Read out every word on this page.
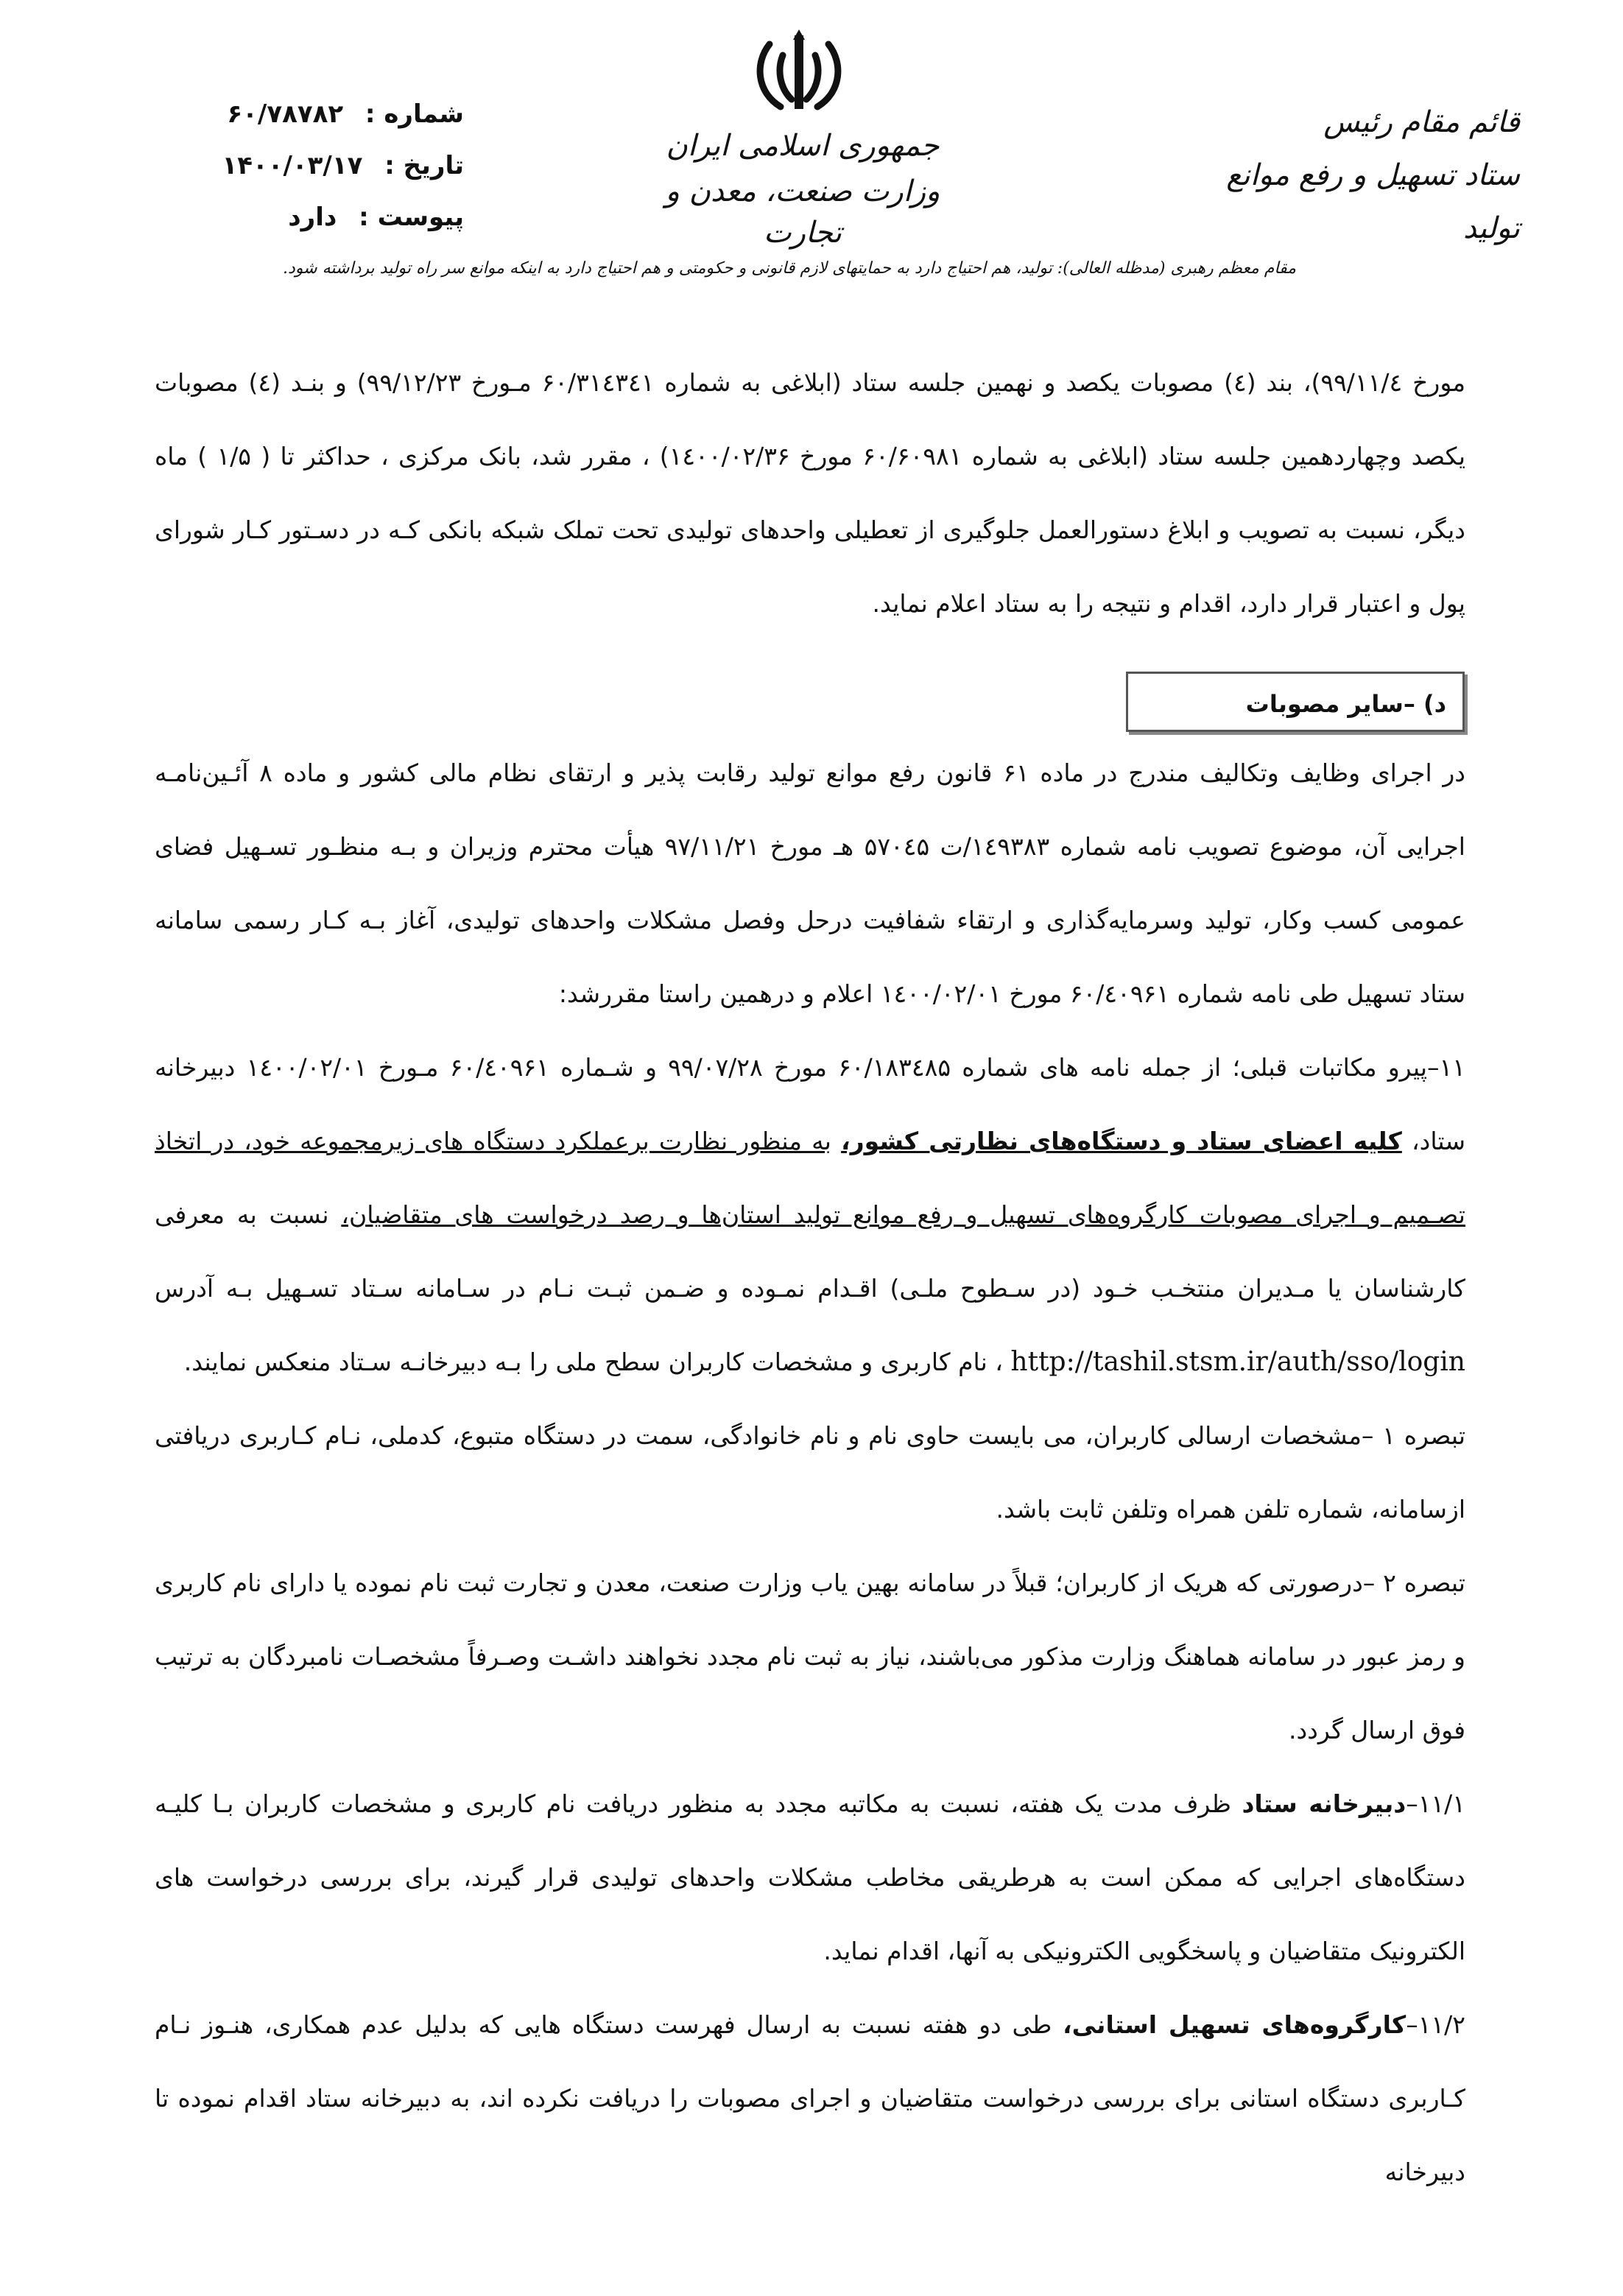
جمهوری اسلامی ایران
وزارت صنعت، معدن و تجارت
شماره : ۶۰/۷۸۷۸۲
تاریخ : ۱۴۰۰/۰۳/۱۷
پیوست : دارد
قائم مقام رئیس
ستاد تسهیل و رفع موانع تولید
مقام معظم رهبری (مدظله العالی): تولید، هم احتیاج دارد به حمایتهای لازم قانونی و حکومتی و هم احتیاج دارد به اینکه موانع سر راه تولید برداشته شود.
د) –سایر مصوبات

مورخ ۹۹/۱۱/٤)، بند (٤) مصوبات یکصد و نهمین جلسه ستاد (ابلاغی به شماره ۶۰/۳۱٤۳٤۱ مـورخ ۹۹/۱۲/۲۳) و بنـد (٤) مصوبات یکصد وچهاردهمین جلسه ستاد (ابلاغی به شماره ۶۰/۶۰۹۸۱ مورخ ۱٤۰۰/۰۲/۳۶) ، مقرر شد، بانک مرکزی ، حداکثر تا ( ۱/۵ ) ماه دیگر، نسبت به تصویب و ابلاغ دستورالعمل جلوگیری از تعطیلی واحدهای تولیدی تحت تملک شبکه بانکی کـه در دسـتور کـار شورای پول و اعتبار قرار دارد، اقدام و نتیجه را به ستاد اعلام نماید.

در اجرای وظایف وتکالیف مندرج در ماده ۶۱ قانون رفع موانع تولید رقابت پذیر و ارتقای نظام مالی کشور و ماده ۸ آئـین‌نامـه اجرایی آن، موضوع تصویب نامه شماره ۱٤۹۳۸۳/ت ۵۷۰٤۵ هـ مورخ ۹۷/۱۱/۲۱ هیأت محترم وزیران و بـه منظـور تسـهیل فضای عمومی کسب وکار، تولید وسرمایه‌گذاری و ارتقاء شفافیت درحل وفصل مشکلات واحدهای تولیدی، آغاز بـه کـار رسمی سامانه ستاد تسهیل طی نامه شماره ۶۰/٤۰۹۶۱ مورخ ۱٤۰۰/۰۲/۰۱ اعلام و درهمین راستا مقررشد:

۱۱–پیرو مکاتبات قبلی؛ از جمله نامه های شماره ۶۰/۱۸۳٤۸۵ مورخ ۹۹/۰۷/۲۸ و شـماره ۶۰/٤۰۹۶۱ مـورخ ۱٤۰۰/۰۲/۰۱ دبیرخانه ستاد، کلیه اعضای ستاد و دستگاه‌های نظارتی کشور، به منظور نظارت برعملکرد دستگاه های زیرمجموعه خود، در اتخاذ تصـمیم و اجرای مصوبات کارگروه‌های تسهیل و رفع موانع تولید استان‌ها و رصد درخواست های متقاضیان، نسبت به معرفی کارشناسان یا مـدیران منتخـب خـود (در سـطوح ملـی) اقـدام نمـوده و ضـمن ثبـت نـام در سـامانه سـتاد تسـهیل بـه آدرس http://tashil.stsm.ir/auth/sso/login ، نام کاربری و مشخصات کاربران سطح ملی را بـه دبیرخانـه سـتاد منعکس نمایند.

تبصره ۱ –مشخصات ارسالی کاربران، می بایست حاوی نام و نام خانوادگی، سمت در دستگاه متبوع، کدملی، نـام کـاربری دریافتی ازسامانه، شماره تلفن همراه وتلفن ثابت باشد.

تبصره ۲ –درصورتی که هریک از کاربران؛ قبلاً در سامانه بهین یاب وزارت صنعت، معدن و تجارت ثبت نام نموده یا دارای نام کاربری و رمز عبور در سامانه هماهنگ وزارت مذکور می‌باشند، نیاز به ثبت نام مجدد نخواهند داشـت وصـرفاً مشخصـات نامبردگان به ترتیب فوق ارسال گردد.

۱۱/۱–دبیرخانه ستاد ظرف مدت یک هفته، نسبت به مکاتبه مجدد به منظور دریافت نام کاربری و مشخصات کاربران بـا کلیـه دستگاه‌های اجرایی که ممکن است به هرطریقی مخاطب مشکلات واحدهای تولیدی قرار گیرند، برای بررسی درخواست های الکترونیک متقاضیان و پاسخگویی الکترونیکی به آنها، اقدام نماید.

۱۱/۲–کارگروه‌های تسهیل استانی، طی دو هفته نسبت به ارسال فهرست دستگاه هایی که بدلیل عدم همکاری، هنـوز نـام کـاربری دستگاه استانی برای بررسی درخواست متقاضیان و اجرای مصوبات را دریافت نکرده اند، به دبیرخانه ستاد اقدام نموده تا دبیرخانه
